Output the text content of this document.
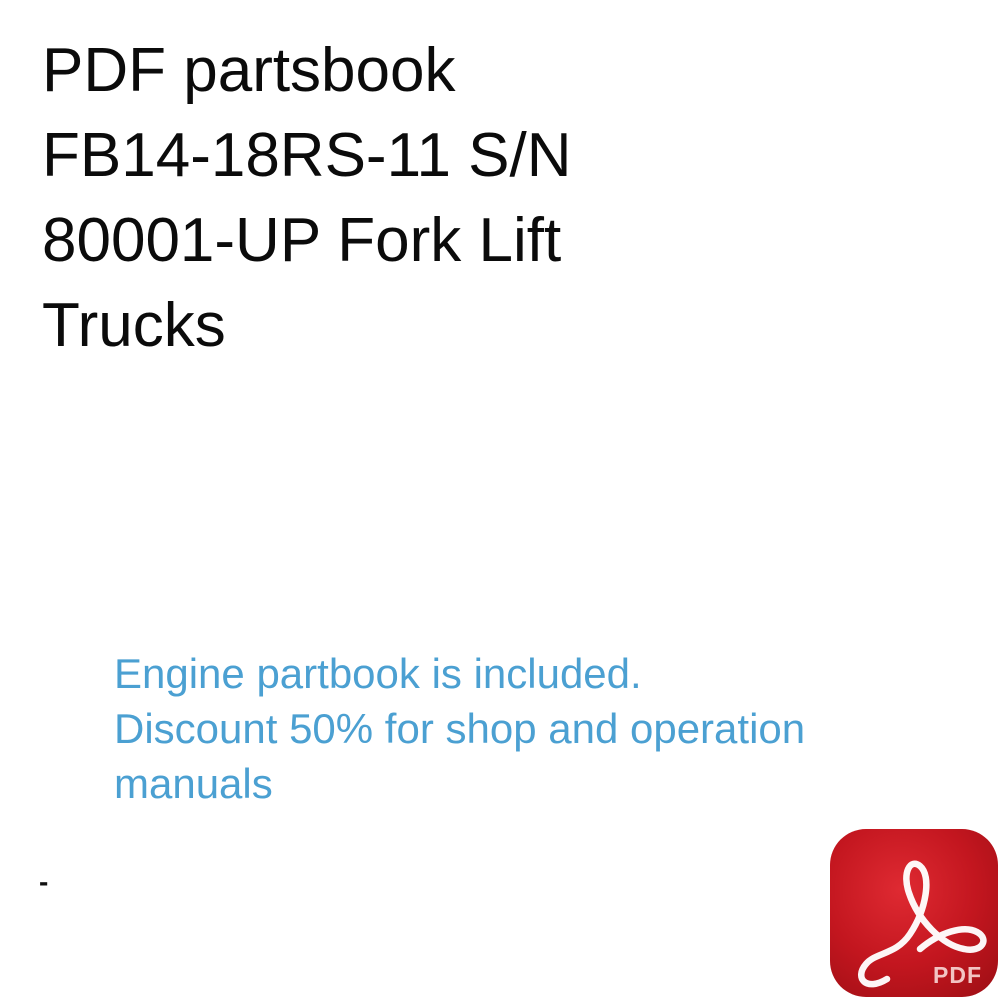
PDF partsbook
FB14-18RS-11 S/N
80001-UP Fork Lift
Trucks

Engine partbook is included.
Discount 50% for shop and operation
manuals

-
PDF
